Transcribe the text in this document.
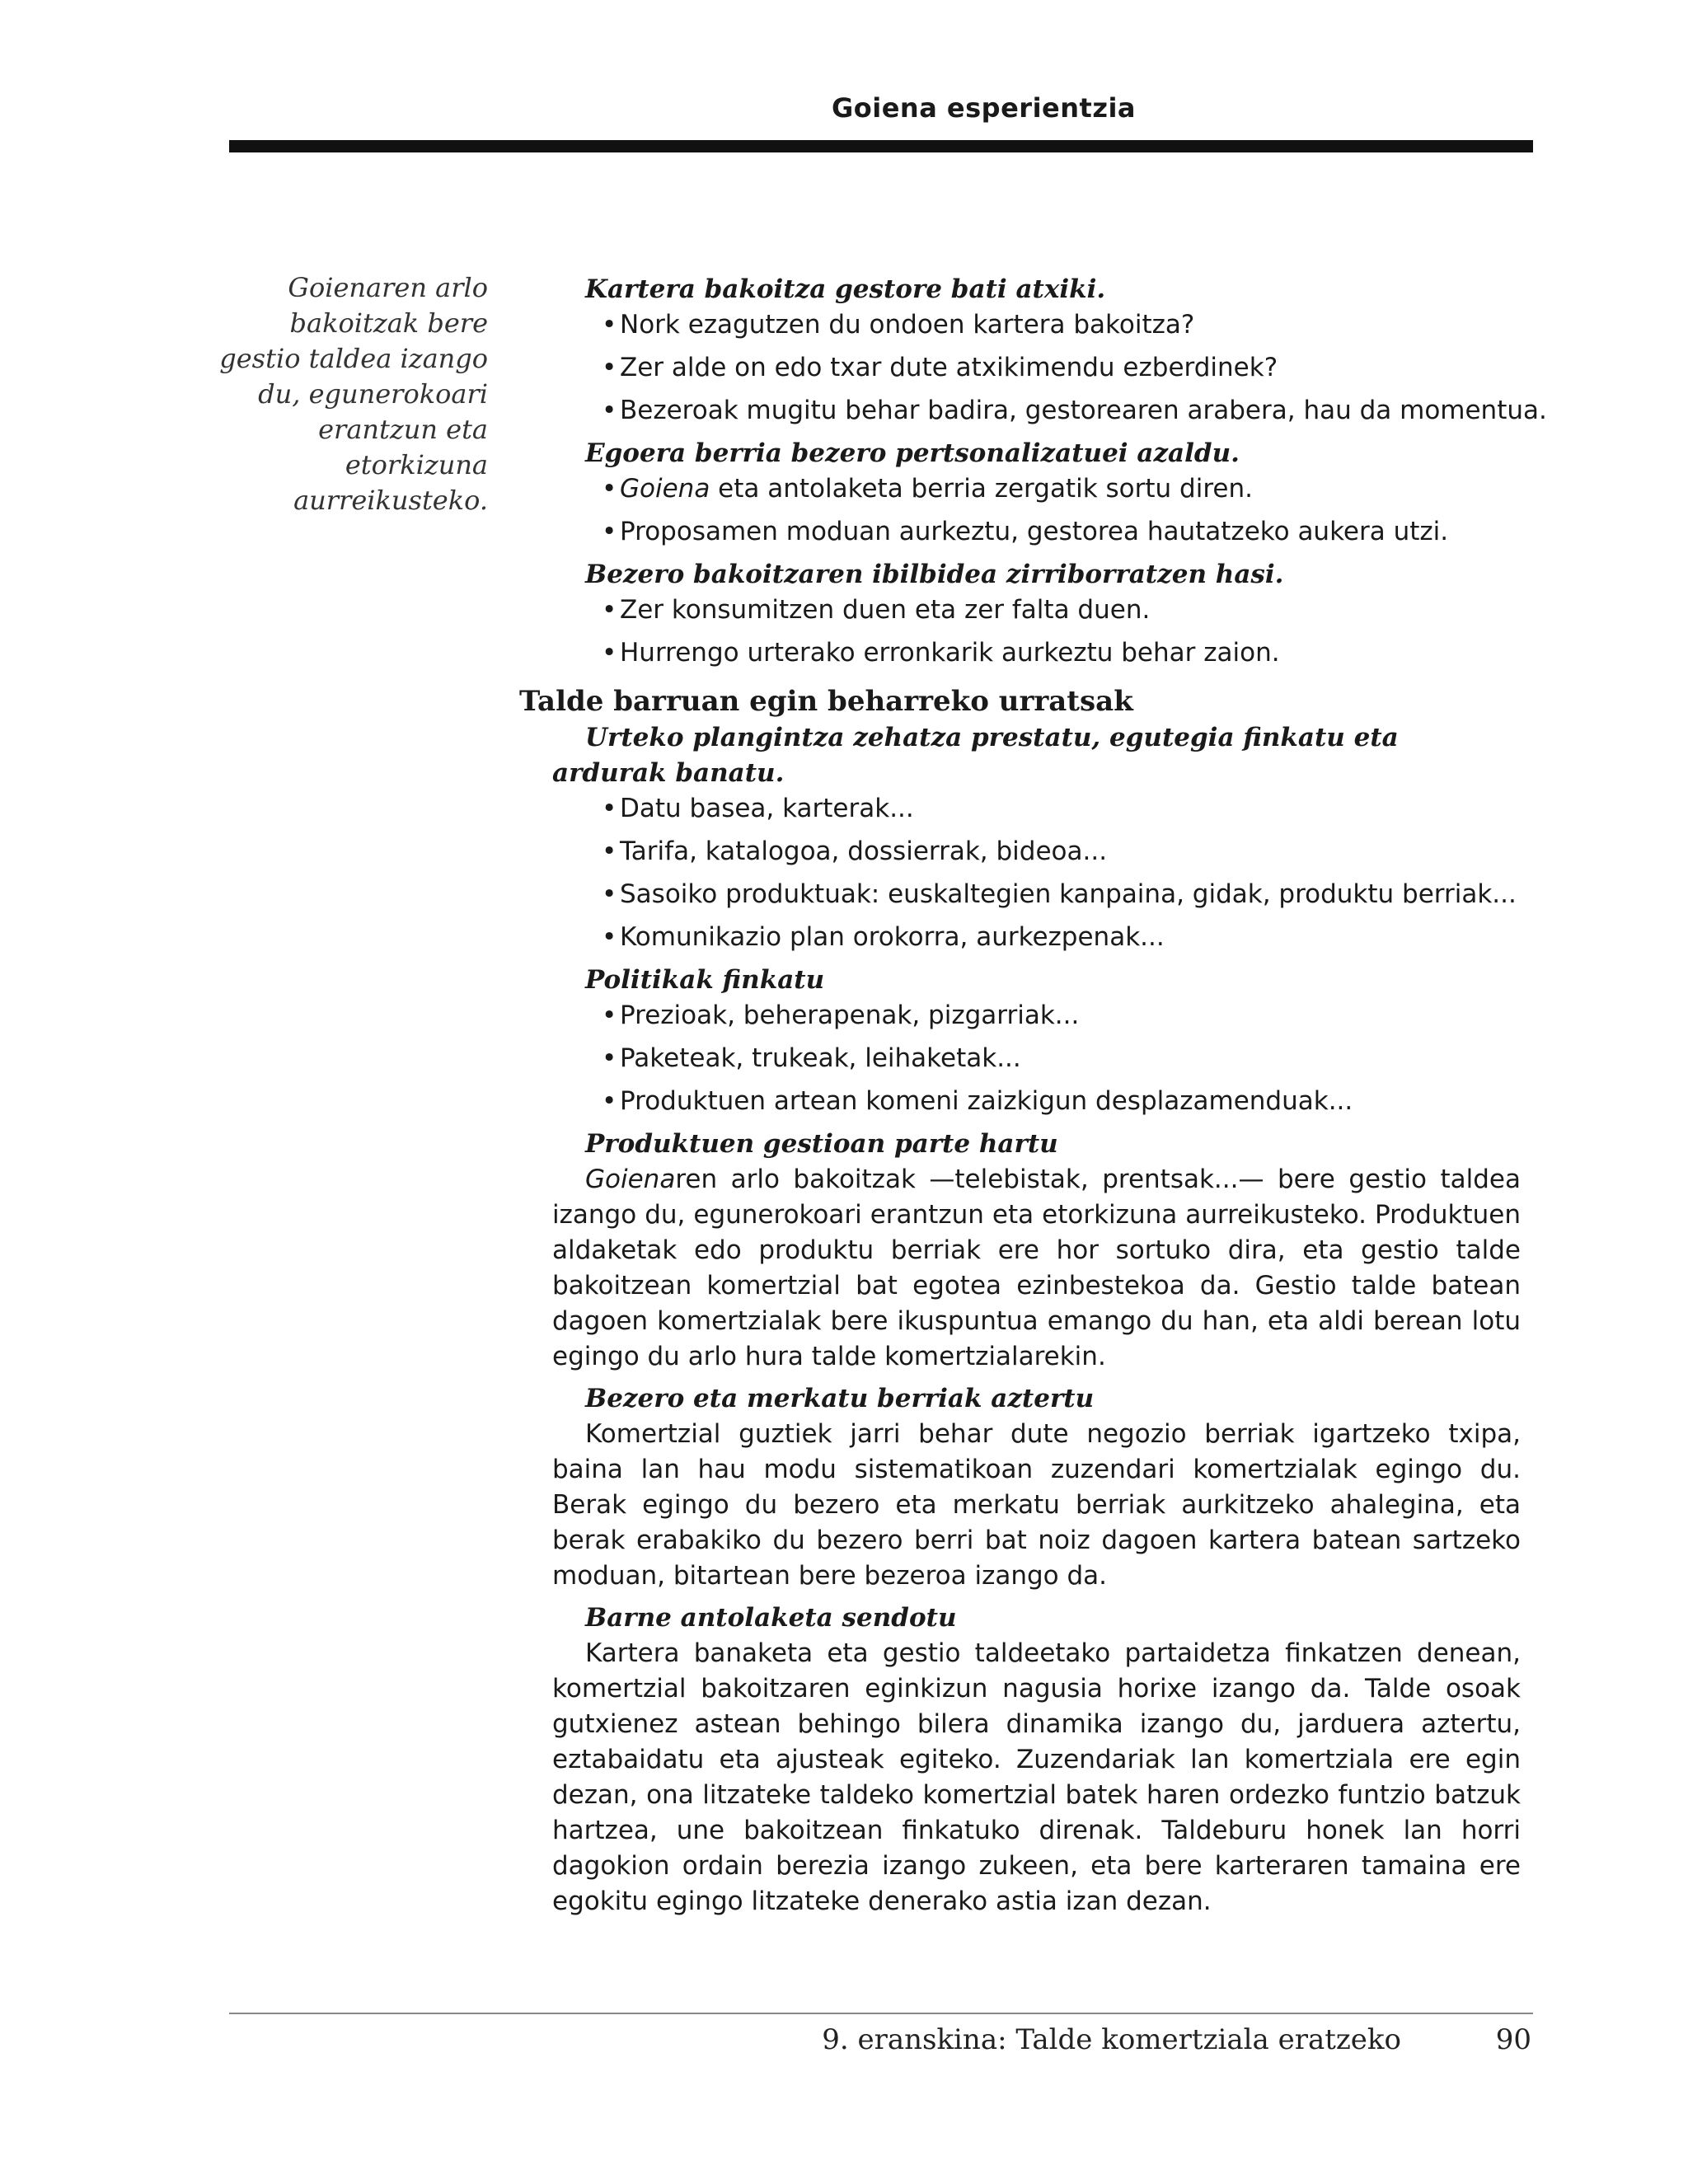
Goiena esperientzia
Goienaren arlo
bakoitzak bere
gestio taldea izango
du, egunerokoari
erantzun eta
etorkizuna
aurreikusteko.

Kartera bakoitza gestore bati atxiki.

• Nork ezagutzen du ondoen kartera bakoitza?
• Zer alde on edo txar dute atxikimendu ezberdinek?
• Bezeroak mugitu behar badira, gestorearen arabera, hau da momentua.

Egoera berria bezero pertsonalizatuei azaldu.

• Goiena eta antolaketa berria zergatik sortu diren.
• Proposamen moduan aurkeztu, gestorea hautatzeko aukera utzi.

Bezero bakoitzaren ibilbidea zirriborratzen hasi.

• Zer konsumitzen duen eta zer falta duen.
• Hurrengo urterako erronkarik aurkeztu behar zaion.

Talde barruan egin beharreko urratsak

Urteko plangintza zehatza prestatu, egutegia finkatu eta ardurak banatu.

• Datu basea, karterak...
• Tarifa, katalogoa, dossierrak, bideoa...
• Sasoiko produktuak: euskaltegien kanpaina, gidak, produktu berriak...
• Komunikazio plan orokorra, aurkezpenak...

Politikak finkatu

• Prezioak, beherapenak, pizgarriak...
• Paketeak, trukeak, leihaketak...
• Produktuen artean komeni zaizkigun desplazamenduak...

Produktuen gestioan parte hartu

Goienaren arlo bakoitzak —telebistak, prentsak...— bere gestio taldea izango du, egunerokoari erantzun eta etorkizuna aurreikusteko. Produktuen aldaketak edo produktu berriak ere hor sortuko dira, eta gestio talde bakoitzean komertzial bat egotea ezinbestekoa da. Gestio talde batean dagoen komertzialak bere ikuspuntua emango du han, eta aldi berean lotu egingo du arlo hura talde komertzialarekin.

Bezero eta merkatu berriak aztertu

Komertzial guztiek jarri behar dute negozio berriak igartzeko txipa, baina lan hau modu sistematikoan zuzendari komertzialak egingo du. Berak egingo du bezero eta merkatu berriak aurkitzeko ahalegina, eta berak erabakiko du bezero berri bat noiz dagoen kartera batean sartzeko moduan, bitartean bere bezeroa izango da.

Barne antolaketa sendotu

Kartera banaketa eta gestio taldeetako partaidetza finkatzen denean, komertzial bakoitzaren eginkizun nagusia horixe izango da. Talde osoak gutxienez astean behingo bilera dinamika izango du, jarduera aztertu, eztabaidatu eta ajusteak egiteko. Zuzendariak lan komertziala ere egin dezan, ona litzateke taldeko komertzial batek haren ordezko funtzio batzuk hartzea, une bakoitzean finkatuko direnak. Taldeburu honek lan horri dagokion ordain berezia izango zukeen, eta bere karteraren tamaina ere egokitu egingo litzateke denerako astia izan dezan.

9. eranskina: Talde komertziala eratzeko	90
